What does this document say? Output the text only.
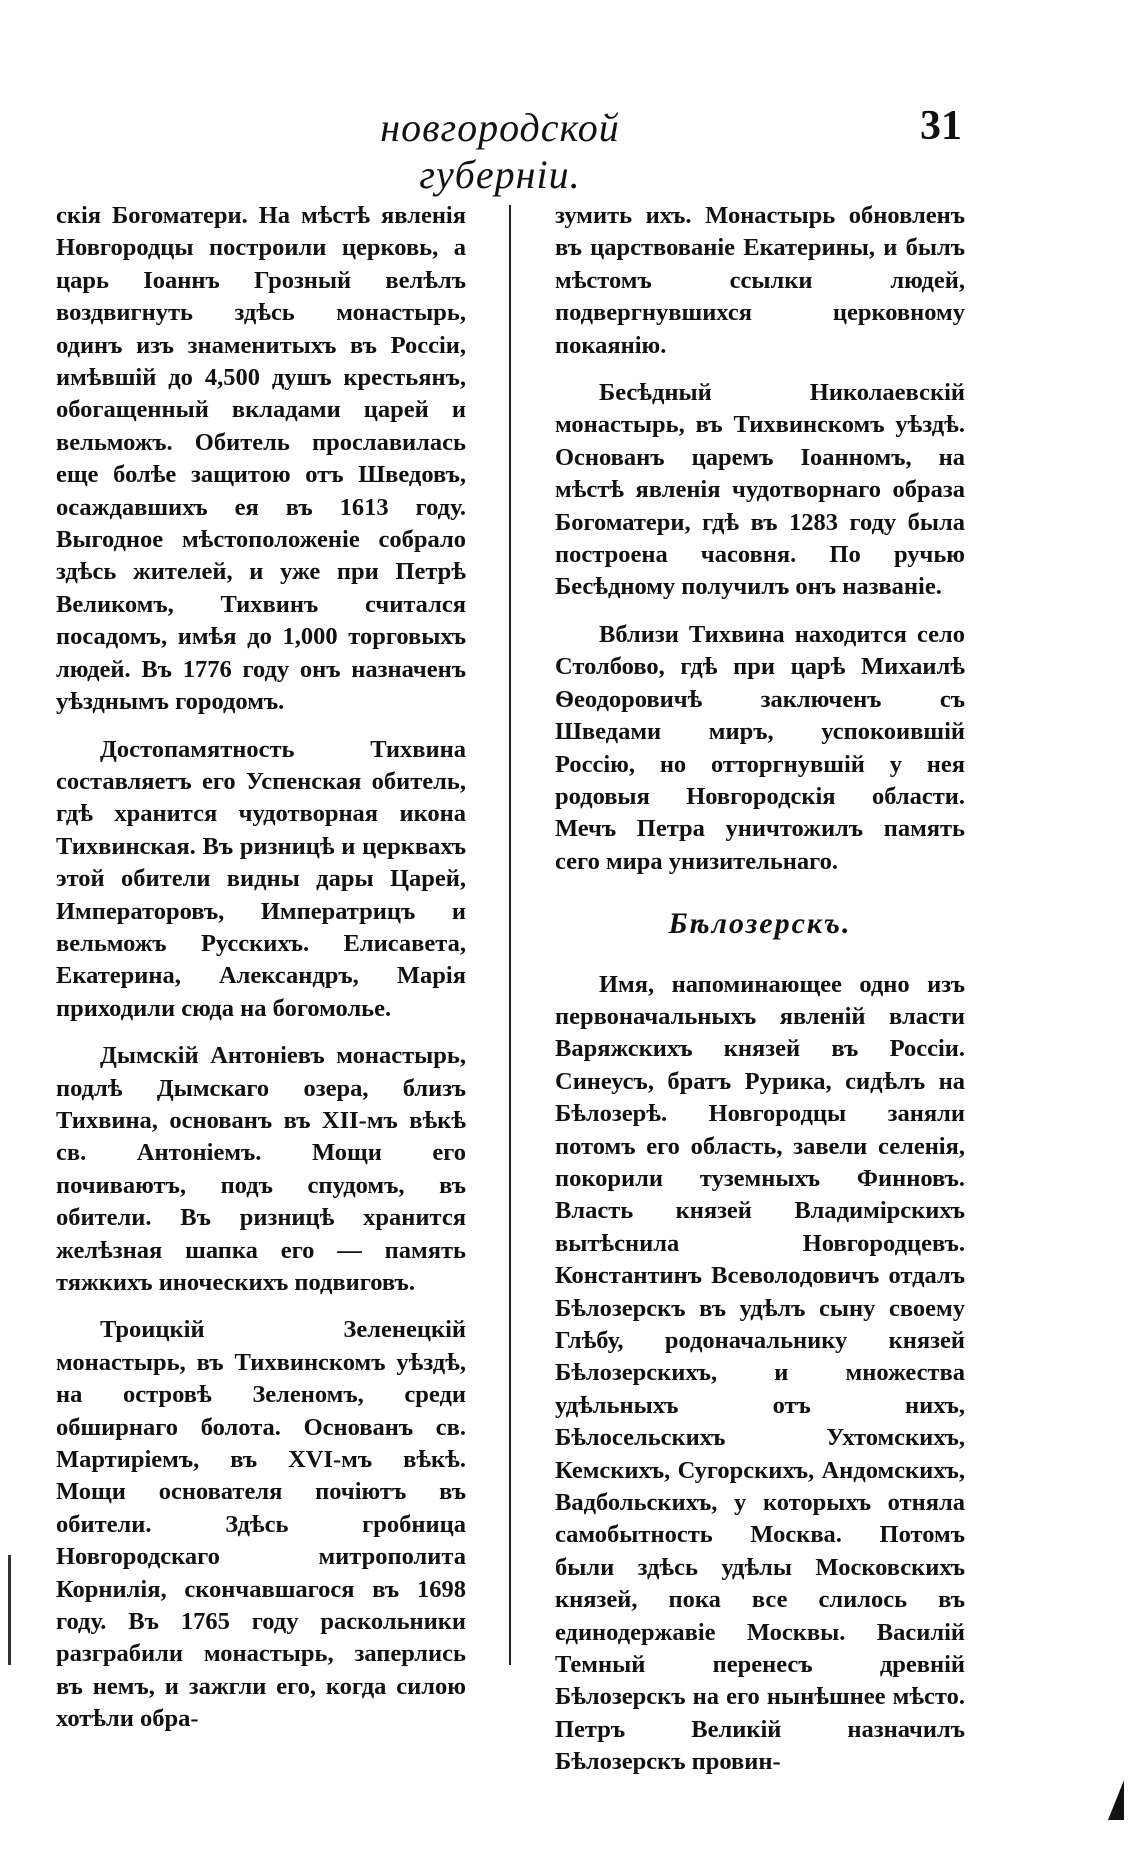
новгородской губерніи.
31

скія Богоматери. На мѣстѣ явленія Новгородцы построили церковь, а царь Іоаннъ Грозный велѣлъ воздвигнуть здѣсь монастырь, одинъ изъ знаменитыхъ въ Россіи, имѣвшій до 4,500 душъ крестьянъ, обогащенный вкладами царей и вельможъ. Обитель прославилась еще болѣе защитою отъ Шведовъ, осаждавшихъ ея въ 1613 году. Выгодное мѣстоположеніе собрало здѣсь жителей, и уже при Петрѣ Великомъ, Тихвинъ считался посадомъ, имѣя до 1,000 торговыхъ людей. Въ 1776 году онъ назначенъ уѣзднымъ городомъ.

Достопамятность Тихвина составляетъ его Успенская обитель, гдѣ хранится чудотворная икона Тихвинская. Въ ризницѣ и церквахъ этой обители видны дары Царей, Императоровъ, Императрицъ и вельможъ Русскихъ. Елисавета, Екатерина, Александръ, Марія приходили сюда на богомолье.

Дымскій Антоніевъ монастырь, подлѣ Дымскаго озера, близъ Тихвина, основанъ въ XII-мъ вѣкѣ св. Антоніемъ. Мощи его почиваютъ, подъ спудомъ, въ обители. Въ ризницѣ хранится желѣзная шапка его — память тяжкихъ иноческихъ подвиговъ.

Троицкій Зеленецкій монастырь, въ Тихвинскомъ уѣздѣ, на островѣ Зеленомъ, среди обширнаго болота. Основанъ св. Мартиріемъ, въ XVI-мъ вѣкѣ. Мощи основателя почіютъ въ обители. Здѣсь гробница Новгородскаго митрополита Корнилія, скончавшагося въ 1698 году. Въ 1765 году раскольники разграбили монастырь, заперлись въ немъ, и зажгли его, когда силою хотѣли обра-

зумить ихъ. Монастырь обновленъ въ царствованіе Екатерины, и былъ мѣстомъ ссылки людей, подвергнувшихся церковному покаянію.

Бесѣдный Николаевскій монастырь, въ Тихвинскомъ уѣздѣ. Основанъ царемъ Іоанномъ, на мѣстѣ явленія чудотворнаго образа Богоматери, гдѣ въ 1283 году была построена часовня. По ручью Бесѣдному получилъ онъ названіе.

Вблизи Тихвина находится село Столбово, гдѣ при царѣ Михаилѣ Ѳеодоровичѣ заключенъ съ Шведами миръ, успокоившій Россію, но отторгнувшій у нея родовыя Новгородскія области. Мечъ Петра уничтожилъ память сего мира унизительнаго.

Бѣлозерскъ.

Имя, напоминающее одно изъ первоначальныхъ явленій власти Варяжскихъ князей въ Россіи. Синеусъ, братъ Рурика, сидѣлъ на Бѣлозерѣ. Новгородцы заняли потомъ его область, завели селенія, покорили туземныхъ Финновъ. Власть князей Владимірскихъ вытѣснила Новгородцевъ. Константинъ Всеволодовичъ отдалъ Бѣлозерскъ въ удѣлъ сыну своему Глѣбу, родоначальнику князей Бѣлозерскихъ, и множества удѣльныхъ отъ нихъ, Бѣлосельскихъ Ухтомскихъ, Кемскихъ, Сугорскихъ, Андомскихъ, Вадбольскихъ, у которыхъ отняла самобытность Москва. Потомъ были здѣсь удѣлы Московскихъ князей, пока все слилось въ единодержавіе Москвы. Василій Темный перенесъ древній Бѣлозерскъ на его нынѣшнее мѣсто. Петръ Великій назначилъ Бѣлозерскъ провин-
